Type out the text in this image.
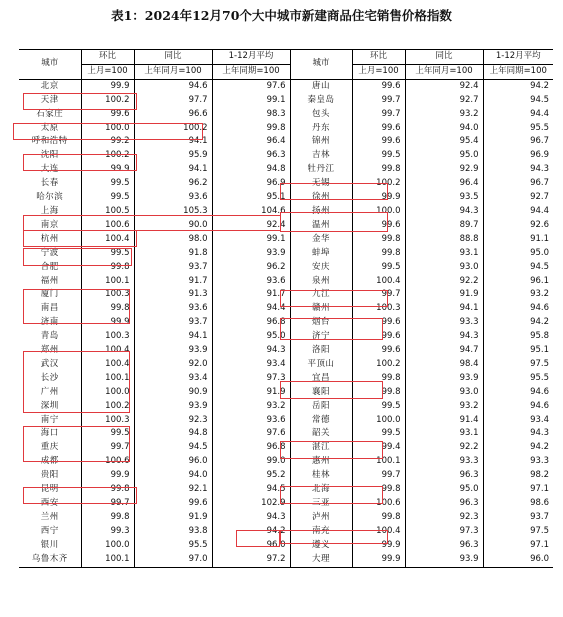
表1：2024年12月70个大中城市新建商品住宅销售价格指数
城市	环比	同比	1-12月平均	城市	环比	同比	1-12月平均
	上月=100	上年同月=100	上年同期=100		上月=100	上年同月=100	上年同期=100
北京	99.9	94.6	97.6	唐山	99.6	92.4	94.2
天津	100.2	97.7	99.1	秦皇岛	99.7	92.7	94.5
石家庄	99.6	96.6	98.3	包头	99.7	93.2	94.4
太原	100.0	100.2	99.8	丹东	99.6	94.0	95.5
呼和浩特	99.2	94.1	96.4	锦州	99.6	95.4	96.7
沈阳	100.2	95.9	96.3	吉林	99.5	95.0	96.9
大连	99.9	94.1	94.8	牡丹江	99.8	92.9	94.3
长春	99.5	96.2	96.9	无锡	100.2	96.4	96.7
哈尔滨	99.5	93.6	95.1	徐州	99.9	93.5	92.7
上海	100.5	105.3	104.6	扬州	100.0	94.3	94.4
南京	100.6	90.0	92.4	温州	99.6	89.7	92.6
杭州	100.4	98.0	99.1	金华	99.8	88.8	91.1
宁波	99.5	91.8	93.9	蚌埠	99.8	93.1	95.0
合肥	99.8	93.7	96.2	安庆	99.5	93.0	94.5
福州	100.1	91.7	93.6	泉州	100.4	92.2	96.1
厦门	100.3	91.3	91.7	九江	99.7	91.9	93.2
南昌	99.8	93.6	94.4	赣州	100.3	94.1	94.6
济南	99.9	93.7	96.8	烟台	99.6	93.3	94.2
青岛	100.3	94.1	95.0	济宁	99.6	94.3	95.8
郑州	100.4	93.9	94.3	洛阳	99.6	94.7	95.1
武汉	100.4	92.0	93.4	平顶山	100.2	98.4	97.5
长沙	100.1	93.4	97.3	宜昌	99.8	93.9	95.5
广州	100.0	90.9	91.9	襄阳	99.8	93.0	94.6
深圳	100.2	93.9	93.2	岳阳	99.5	93.2	94.6
南宁	100.3	92.3	93.6	常德	100.0	91.4	93.4
海口	99.5	94.8	97.6	韶关	99.5	93.1	94.3
重庆	99.7	94.5	96.8	湛江	99.4	92.2	94.2
成都	100.6	96.0	99.0	惠州	100.1	93.3	93.3
贵阳	99.9	94.0	95.2	桂林	99.7	96.3	98.2
昆明	99.8	92.1	94.5	北海	99.8	95.0	97.1
西安	99.7	99.6	102.9	三亚	100.6	96.3	98.6
兰州	99.8	91.9	94.3	泸州	99.8	92.3	93.7
西宁	99.3	93.8	94.2	南充	100.4	97.3	97.5
银川	100.0	95.5	96.0	遵义	99.9	96.3	97.1
乌鲁木齐	100.1	97.0	97.2	大理	99.9	93.9	96.0
